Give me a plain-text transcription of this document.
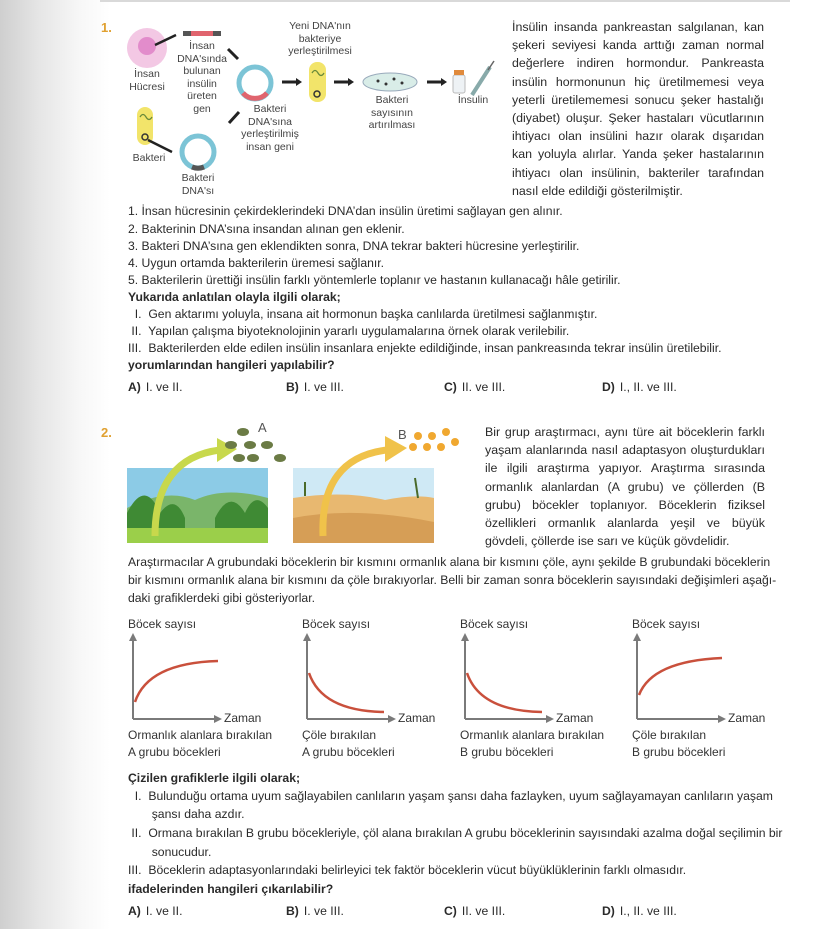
1.
İnsan
DNA'sında
bulunan
insülin
üreten
gen
İnsan
Hücresi
Yeni DNA'nın
bakteriye
yerleştirilmesi
Bakteri
DNA'sına
yerleştirilmiş
insan geni
Bakteri
sayısının
artırılması
İnsulin
Bakteri
Bakteri
DNA'sı
İnsülin insanda pankreastan salgılanan, kan şekeri seviyesi kanda arttığı zaman normal değerlere indiren hormondur. Pankreasta insülin hormonunun hiç üretilmemesi veya yeterli üretilememesi sonucu şeker hastalığı (diyabet) oluşur. Şeker hastaları vücutlarının ihtiyacı olan insülini hazır olarak dışarıdan kan yoluyla alırlar. Yanda şeker hastalarının ihtiyacı olan insülinin, bakteriler tarafından nasıl elde edildiği gösterilmiştir.
1. İnsan hücresinin çekirdeklerindeki DNA’dan insülin üretimi sağlayan gen alınır.
2. Bakterinin DNA’sına insandan alınan gen eklenir.
3. Bakteri DNA’sına gen eklendikten sonra, DNA tekrar bakteri hücresine yerleştirilir.
4. Uygun ortamda bakterilerin üremesi sağlanır.
5. Bakterilerin ürettiği insülin farklı yöntemlerle toplanır ve hastanın kullanacağı hâle getirilir.
Yukarıda anlatılan olayla ilgili olarak;
I.  Gen aktarımı yoluyla, insana ait hormonun başka canlılarda üretilmesi sağlanmıştır.
II.  Yapılan çalışma biyoteknolojinin yararlı uygulamalarına örnek olarak verilebilir.
III.  Bakterilerden elde edilen insülin insanlara enjekte edildiğinde, insan pankreasında tekrar insülin üretilebilir.
yorumlarından hangileri yapılabilir?
A) I. ve II.	B) I. ve III.	C) II. ve III.	D) I., II. ve III.
2.	A	B	Bir grup araştırmacı, aynı türe ait böceklerin farklı yaşam alanlarında nasıl adaptasyon oluşturdukları ile ilgili araştırma yapıyor. Araştırma sırasında ormanlık alanlardan (A grubu) ve çöllerden (B grubu) böcekler toplanıyor. Böceklerin fiziksel özellikleri ormanlık alanlarda yeşil ve büyük gövdeli, çöllerde ise sarı ve küçük gövdelidir.
Araştırmacılar A grubundaki böceklerin bir kısmını ormanlık alana bir kısmını çöle, aynı şekilde B grubundaki böceklerin
bir kısmını ormanlık alana bir kısmını da çöle bırakıyorlar. Belli bir zaman sonra böceklerin sayısındaki değişimleri aşağı-
daki grafiklerdeki gibi gösteriyorlar.
Böcek sayısı
Zaman
Ormanlık alanlara bırakılan
A grubu böcekleri
Böcek sayısı
Zaman
Çöle bırakılan
A grubu böcekleri
Böcek sayısı
Zaman
Ormanlık alanlara bırakılan
B grubu böcekleri
Böcek sayısı
Zaman
Çöle bırakılan
B grubu böcekleri
Çizilen grafiklerle ilgili olarak;
I.  Bulunduğu ortama uyum sağlayabilen canlıların yaşam şansı daha fazlayken, uyum sağlayamayan canlıların yaşam
şansı daha azdır.
II.  Ormana bırakılan B grubu böcekleriyle, çöl alana bırakılan A grubu böceklerinin sayısındaki azalma doğal seçilimin bir
sonucudur.
III.  Böceklerin adaptasyonlarındaki belirleyici tek faktör böceklerin vücut büyüklüklerinin farklı olmasıdır.
ifadelerinden hangileri çıkarılabilir?
A) I. ve II.	B) I. ve III.	C) II. ve III.	D) I., II. ve III.
